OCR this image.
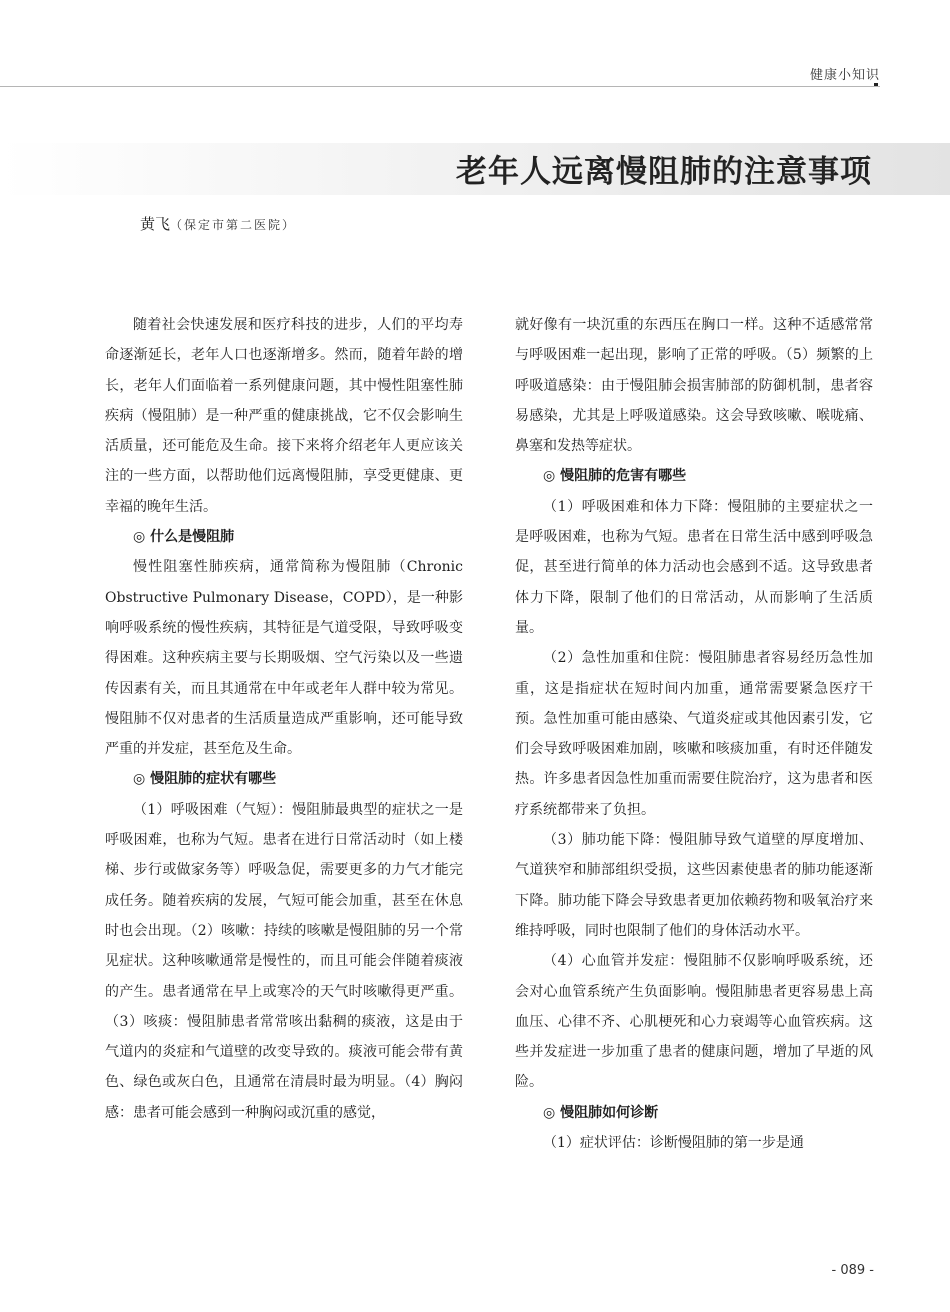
健康小知识
老年人远离慢阻肺的注意事项
黄飞（保定市第二医院）

随着社会快速发展和医疗科技的进步，人们的平均寿命逐渐延长，老年人口也逐渐增多。然而，随着年龄的增长，老年人们面临着一系列健康问题，其中慢性阻塞性肺疾病（慢阻肺）是一种严重的健康挑战，它不仅会影响生活质量，还可能危及生命。接下来将介绍老年人更应该关注的一些方面，以帮助他们远离慢阻肺，享受更健康、更幸福的晚年生活。

◎ 什么是慢阻肺

慢性阻塞性肺疾病，通常简称为慢阻肺（Chronic Obstructive Pulmonary Disease，COPD），是一种影响呼吸系统的慢性疾病，其特征是气道受限，导致呼吸变得困难。这种疾病主要与长期吸烟、空气污染以及一些遗传因素有关，而且其通常在中年或老年人群中较为常见。慢阻肺不仅对患者的生活质量造成严重影响，还可能导致严重的并发症，甚至危及生命。

◎ 慢阻肺的症状有哪些

（1）呼吸困难（气短）：慢阻肺最典型的症状之一是呼吸困难，也称为气短。患者在进行日常活动时（如上楼梯、步行或做家务等）呼吸急促，需要更多的力气才能完成任务。随着疾病的发展，气短可能会加重，甚至在休息时也会出现。（2）咳嗽：持续的咳嗽是慢阻肺的另一个常见症状。这种咳嗽通常是慢性的，而且可能会伴随着痰液的产生。患者通常在早上或寒冷的天气时咳嗽得更严重。（3）咳痰：慢阻肺患者常常咳出黏稠的痰液，这是由于气道内的炎症和气道壁的改变导致的。痰液可能会带有黄色、绿色或灰白色，且通常在清晨时最为明显。（4）胸闷感：患者可能会感到一种胸闷或沉重的感觉，

就好像有一块沉重的东西压在胸口一样。这种不适感常常与呼吸困难一起出现，影响了正常的呼吸。（5）频繁的上呼吸道感染：由于慢阻肺会损害肺部的防御机制，患者容易感染，尤其是上呼吸道感染。这会导致咳嗽、喉咙痛、鼻塞和发热等症状。

◎ 慢阻肺的危害有哪些

（1）呼吸困难和体力下降：慢阻肺的主要症状之一是呼吸困难，也称为气短。患者在日常生活中感到呼吸急促，甚至进行简单的体力活动也会感到不适。这导致患者体力下降，限制了他们的日常活动，从而影响了生活质量。

（2）急性加重和住院：慢阻肺患者容易经历急性加重，这是指症状在短时间内加重，通常需要紧急医疗干预。急性加重可能由感染、气道炎症或其他因素引发，它们会导致呼吸困难加剧，咳嗽和咳痰加重，有时还伴随发热。许多患者因急性加重而需要住院治疗，这为患者和医疗系统都带来了负担。

（3）肺功能下降：慢阻肺导致气道壁的厚度增加、气道狭窄和肺部组织受损，这些因素使患者的肺功能逐渐下降。肺功能下降会导致患者更加依赖药物和吸氧治疗来维持呼吸，同时也限制了他们的身体活动水平。

（4）心血管并发症：慢阻肺不仅影响呼吸系统，还会对心血管系统产生负面影响。慢阻肺患者更容易患上高血压、心律不齐、心肌梗死和心力衰竭等心血管疾病。这些并发症进一步加重了患者的健康问题，增加了早逝的风险。

◎ 慢阻肺如何诊断

（1）症状评估：诊断慢阻肺的第一步是通

- 089 -
